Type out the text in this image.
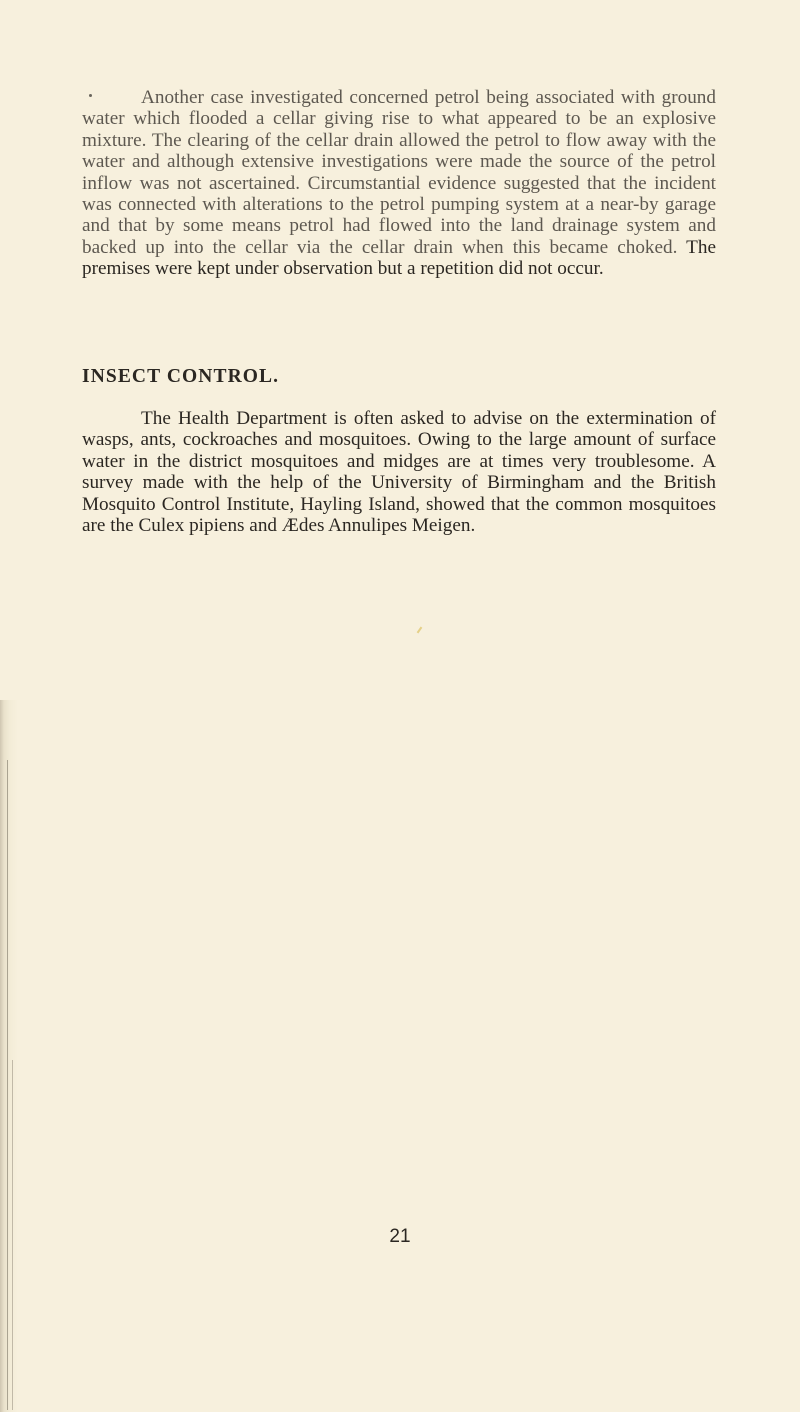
Another case investigated concerned petrol being associated with ground water which flooded a cellar giving rise to what appeared to be an explosive mixture. The clearing of the cellar drain allowed the petrol to flow away with the water and although extensive investigations were made the source of the petrol inflow was not ascertained. Circumstantial evidence suggested that the incident was connected with alterations to the petrol pumping system at a near-by garage and that by some means petrol had flowed into the land drainage system and backed up into the cellar via the cellar drain when this became choked. The premises were kept under observation but a repetition did not occur.

INSECT CONTROL.

The Health Department is often asked to advise on the extermination of wasps, ants, cockroaches and mosquitoes. Owing to the large amount of surface water in the district mosquitoes and midges are at times very troublesome. A survey made with the help of the University of Birmingham and the British Mosquito Control Institute, Hayling Island, showed that the common mosquitoes are the Culex pipiens and Ædes Annulipes Meigen.

21
